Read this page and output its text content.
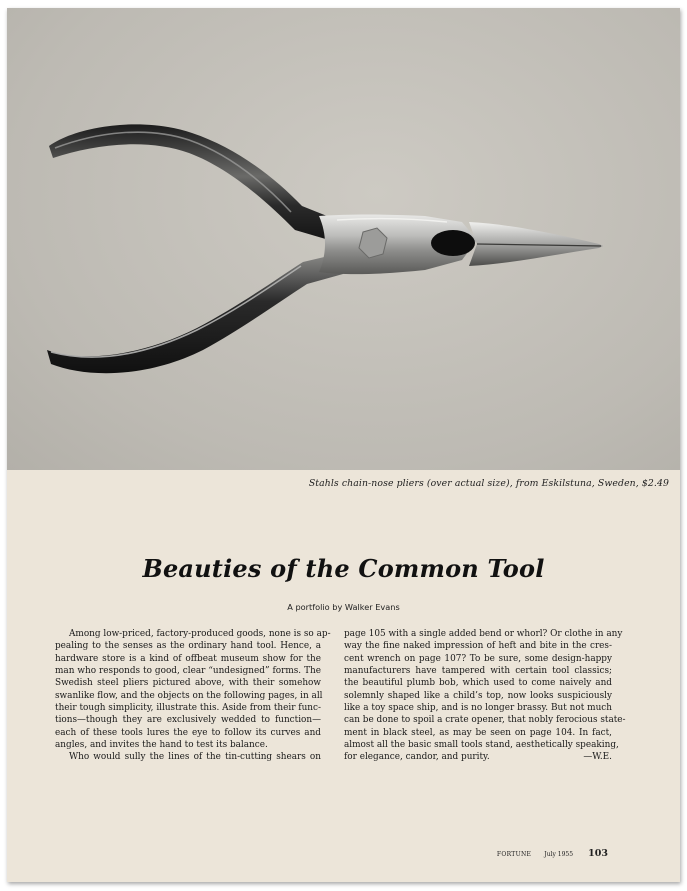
Stahls chain-nose pliers (over actual size), from Eskilstuna, Sweden, $2.49
Beauties of the Common Tool
A portfolio by Walker Evans
Among low-priced, factory-produced goods, none is so ap-
pealing to the senses as the ordinary hand tool. Hence, a
hardware store is a kind of offbeat museum show for the
man who responds to good, clear “undesigned” forms. The
Swedish steel pliers pictured above, with their somehow
swanlike flow, and the objects on the following pages, in all
their tough simplicity, illustrate this. Aside from their func-
tions—though they are exclusively wedded to function—
each of these tools lures the eye to follow its curves and
angles, and invites the hand to test its balance.
Who would sully the lines of the tin-cutting shears on
page 105 with a single added bend or whorl? Or clothe in any
way the fine naked impression of heft and bite in the cres-
cent wrench on page 107? To be sure, some design-happy
manufacturers have tampered with certain tool classics;
the beautiful plumb bob, which used to come naively and
solemnly shaped like a child’s top, now looks suspiciously
like a toy space ship, and is no longer brassy. But not much
can be done to spoil a crate opener, that nobly ferocious state-
ment in black steel, as may be seen on page 104. In fact,
almost all the basic small tools stand, aesthetically speaking,
for elegance, candor, and purity.	—W.E.
FORTUNE July 1955 103
